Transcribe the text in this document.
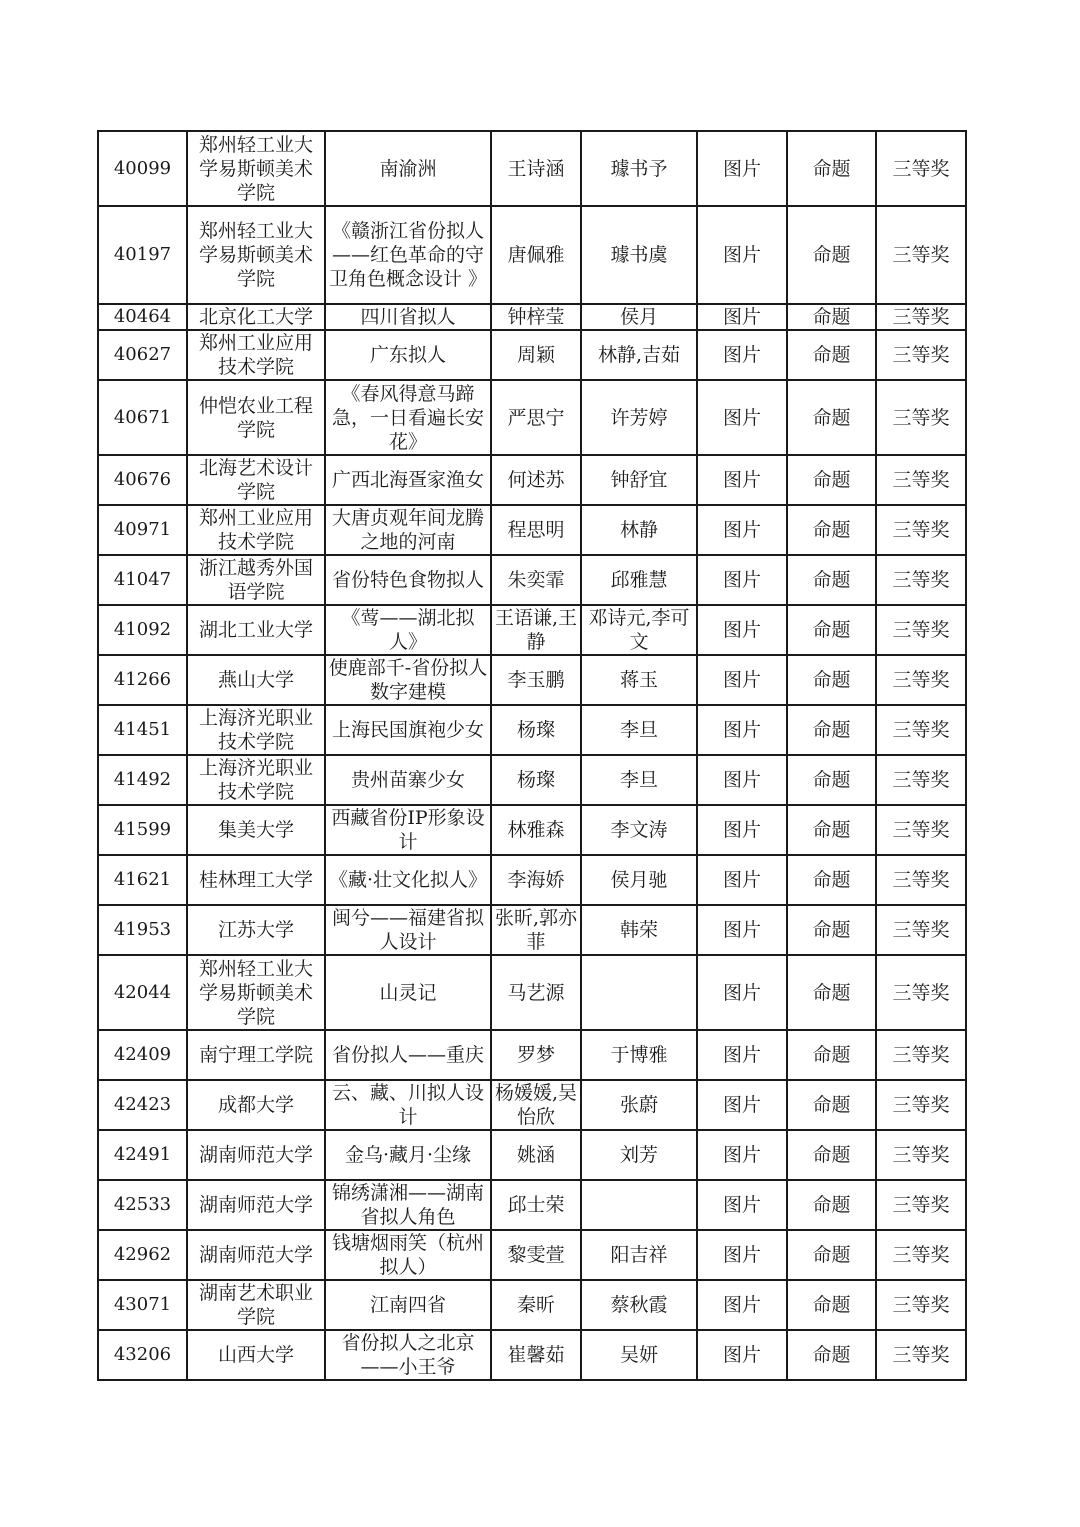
40099	郑州轻工业大学易斯顿美术学院	南渝洲	王诗涵	璩书予	图片	命题	三等奖
40197	郑州轻工业大学易斯顿美术学院	《赣浙江省份拟人——红色革命的守卫角色概念设计 》	唐佩雅	璩书虞	图片	命题	三等奖
40464	北京化工大学	四川省拟人	钟梓莹	侯月	图片	命题	三等奖
40627	郑州工业应用技术学院	广东拟人	周颖	林静,吉茹	图片	命题	三等奖
40671	仲恺农业工程学院	《春风得意马蹄急，一日看遍长安花》	严思宁	许芳婷	图片	命题	三等奖
40676	北海艺术设计学院	广西北海疍家渔女	何述苏	钟舒宜	图片	命题	三等奖
40971	郑州工业应用技术学院	大唐贞观年间龙腾之地的河南	程思明	林静	图片	命题	三等奖
41047	浙江越秀外国语学院	省份特色食物拟人	朱奕霏	邱雅慧	图片	命题	三等奖
41092	湖北工业大学	《莺——湖北拟人》	王语谦,王静	邓诗元,李可文	图片	命题	三等奖
41266	燕山大学	使鹿部千-省份拟人数字建模	李玉鹏	蒋玉	图片	命题	三等奖
41451	上海济光职业技术学院	上海民国旗袍少女	杨璨	李旦	图片	命题	三等奖
41492	上海济光职业技术学院	贵州苗寨少女	杨璨	李旦	图片	命题	三等奖
41599	集美大学	西藏省份IP形象设计	林雅森	李文涛	图片	命题	三等奖
41621	桂林理工大学	《藏·壮文化拟人》	李海娇	侯月驰	图片	命题	三等奖
41953	江苏大学	闽兮——福建省拟人设计	张昕,郭亦菲	韩荣	图片	命题	三等奖
42044	郑州轻工业大学易斯顿美术学院	山灵记	马艺源		图片	命题	三等奖
42409	南宁理工学院	省份拟人——重庆	罗梦	于博雅	图片	命题	三等奖
42423	成都大学	云、藏、川拟人设计	杨媛媛,吴怡欣	张蔚	图片	命题	三等奖
42491	湖南师范大学	金乌·藏月·尘缘	姚涵	刘芳	图片	命题	三等奖
42533	湖南师范大学	锦绣潇湘——湖南省拟人角色	邱士荣		图片	命题	三等奖
42962	湖南师范大学	钱塘烟雨笑（杭州拟人）	黎雯萱	阳吉祥	图片	命题	三等奖
43071	湖南艺术职业学院	江南四省	秦昕	蔡秋霞	图片	命题	三等奖
43206	山西大学	省份拟人之北京——小王爷	崔馨茹	吴妍	图片	命题	三等奖
